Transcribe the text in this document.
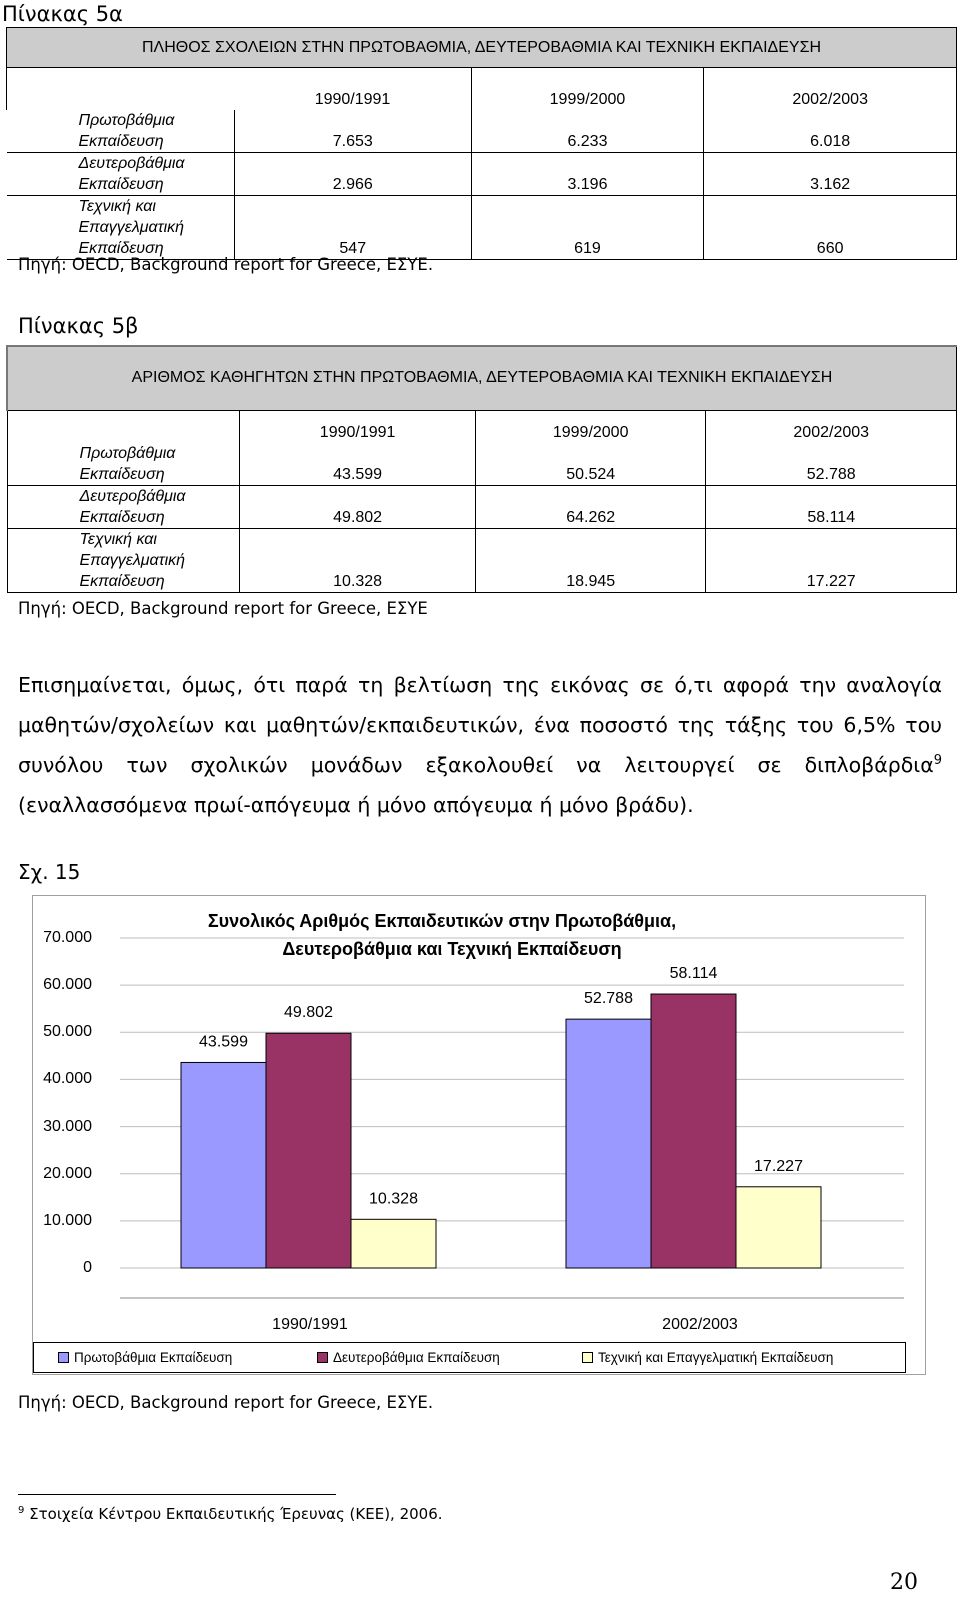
Πίνακας 5α
ΠΛΗΘΟΣ ΣΧΟΛΕΙΩΝ ΣΤΗΝ ΠΡΩΤΟΒΑΘΜΙΑ, ΔΕΥΤΕΡΟΒΑΘΜΙΑ ΚΑΙ ΤΕΧΝΙΚΗ ΕΚΠΑΙΔΕΥΣΗ			
	1990/1991	1999/2000	2002/2003

Πρωτοβάθμια
Εκπαίδευση	7.653	6.233	6.018

Δευτεροβάθμια
Εκπαίδευση	2.966	3.196	3.162

Τεχνική και
Επαγγελματική
Εκπαίδευση	547	619	660
Πηγή: OECD, Background report for Greece, ΕΣΥΕ.
Πίνακας 5β
ΑΡΙΘΜΟΣ ΚΑΘΗΓΗΤΩΝ ΣΤΗΝ ΠΡΩΤΟΒΑΘΜΙΑ, ΔΕΥΤΕΡΟΒΑΘΜΙΑ ΚΑΙ ΤΕΧΝΙΚΗ ΕΚΠΑΙΔΕΥΣΗ			
	1990/1991	1999/2000	2002/2003

Πρωτοβάθμια
Εκπαίδευση	43.599	50.524	52.788

Δευτεροβάθμια
Εκπαίδευση	49.802	64.262	58.114

Τεχνική και
Επαγγελματική
Εκπαίδευση	10.328	18.945	17.227
Πηγή: OECD, Background report for Greece, ΕΣΥΕ
Επισημαίνεται, όμως, ότι παρά τη βελτίωση της εικόνας σε ό,τι αφορά την αναλογία μαθητών/σχολείων και μαθητών/εκπαιδευτικών, ένα ποσοστό της τάξης του 6,5% του συνόλου των σχολικών μονάδων εξακολουθεί να λειτουργεί σε διπλοβάρδια$^9$ (εναλλασσόμενα πρωί-απόγευμα ή μόνο απόγευμα ή μόνο βράδυ).
Σχ. 15
Συνολικός Αριθμός Εκπαιδευτικών στην Πρωτοβάθμια,
Δευτεροβάθμια και Τεχνική Εκπαίδευση
43.599
52.788
49.802
58.114
10.328
17.227
1990/1991	2002/2003
0
10.000
20.000
30.000
40.000
50.000
60.000
70.000
Πρωτοβάθμια Εκπαίδευση	Δευτεροβάθμια Εκπαίδευση	Τεχνική και Επαγγελματική Εκπαίδευση
Πηγή: OECD, Background report for Greece, ΕΣΥΕ.
$^9$ Στοιχεία Κέντρου Εκπαιδευτικής Έρευνας (ΚΕΕ), 2006.
20
